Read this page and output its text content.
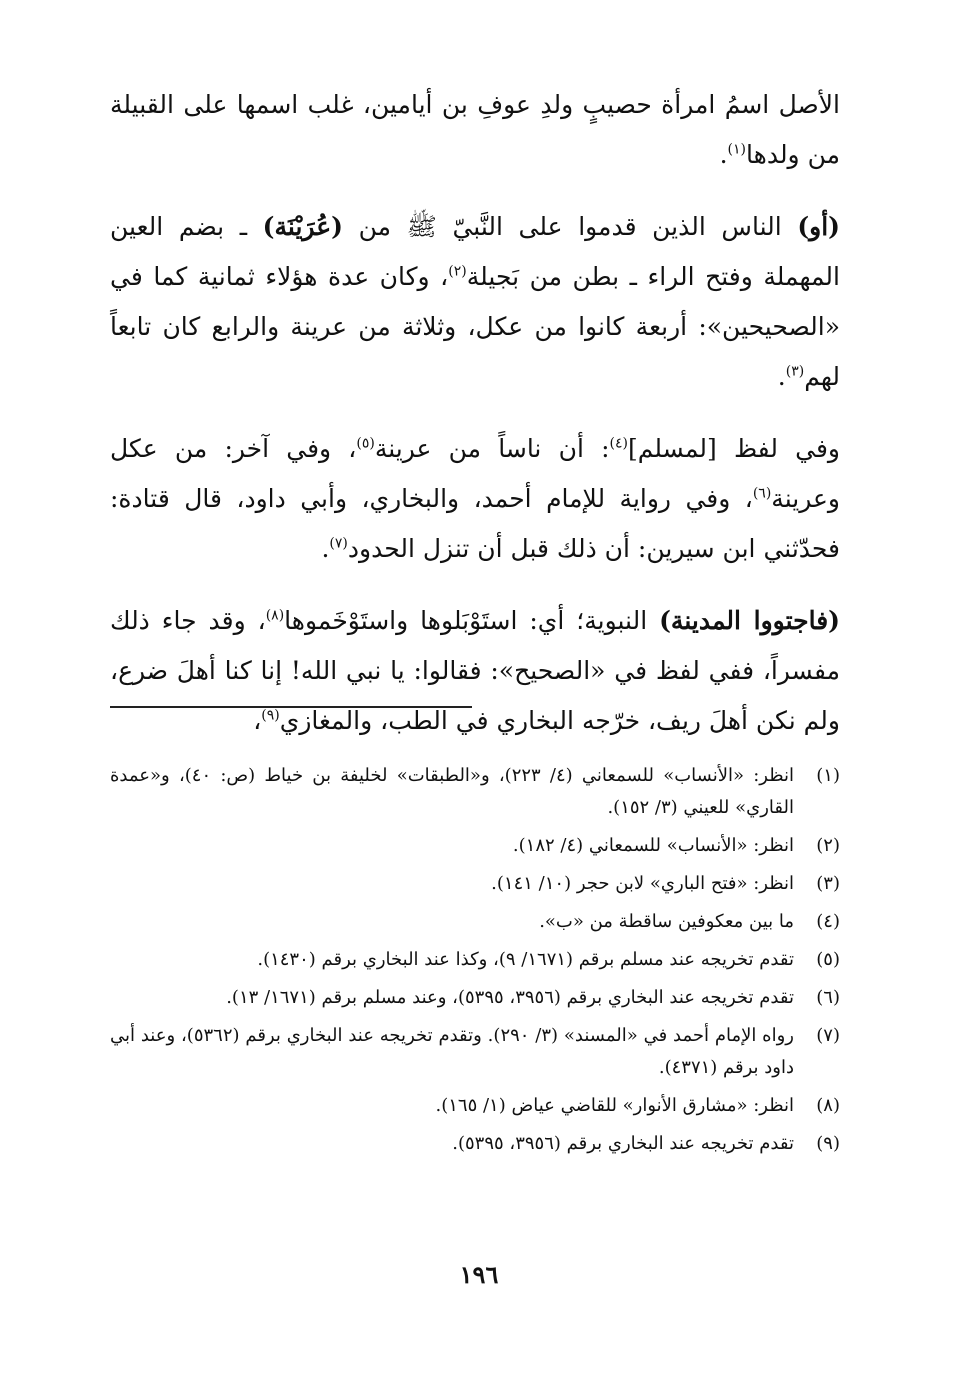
الأصل اسمُ امرأة حصيبٍ ولدِ عوفِ بن أيامين، غلب اسمها على القبيلة من ولدها$^{(١)}$.

(أو) الناس الذين قدموا على النَّبيّ ﷺ من (عُرَيْنَة) ـ بضم العين المهملة وفتح الراء ـ بطن من بَجيلة$^{(٢)}$، وكان عدة هؤلاء ثمانية كما في «الصحيحين»: أربعة كانوا من عكل، وثلاثة من عرينة والرابع كان تابعاً لهم$^{(٣)}$.

وفي لفظ [لمسلم]$^{(٤)}$: أن ناساً من عرينة$^{(٥)}$، وفي آخر: من عكل وعرينة$^{(٦)}$، وفي رواية للإمام أحمد، والبخاري، وأبي داود، قال قتادة: فحدّثني ابن سيرين: أن ذلك قبل أن تنزل الحدود$^{(٧)}$.

(فاجتووا المدينة) النبوية؛ أي: استَوْبَلوها واستَوْخَموها$^{(٨)}$، وقد جاء ذلك مفسراً، ففي لفظ في «الصحيح»: فقالوا: يا نبي الله! إنا كنا أهلَ ضرع، ولم نكن أهلَ ريف، خرّجه البخاري في الطب، والمغازي$^{(٩)}$،

(١)
انظر: «الأنساب» للسمعاني (٤/ ٢٢٣)، و«الطبقات» لخليفة بن خياط (ص: ٤٠)، و«عمدة القاري» للعيني (٣/ ١٥٢).
(٢)
انظر: «الأنساب» للسمعاني (٤/ ١٨٢).
(٣)
انظر: «فتح الباري» لابن حجر (١٠/ ١٤١).
(٤)
ما بين معكوفين ساقطة من «ب».
(٥)
تقدم تخريجه عند مسلم برقم (١٦٧١/ ٩)، وكذا عند البخاري برقم (١٤٣٠).
(٦)
تقدم تخريجه عند البخاري برقم (٣٩٥٦، ٥٣٩٥)، وعند مسلم برقم (١٦٧١/ ١٣).
(٧)
رواه الإمام أحمد في «المسند» (٣/ ٢٩٠). وتقدم تخريجه عند البخاري برقم (٥٣٦٢)، وعند أبي داود برقم (٤٣٧١).
(٨)
انظر: «مشارق الأنوار» للقاضي عياض (١/ ١٦٥).
(٩)
تقدم تخريجه عند البخاري برقم (٣٩٥٦، ٥٣٩٥).
١٩٦
